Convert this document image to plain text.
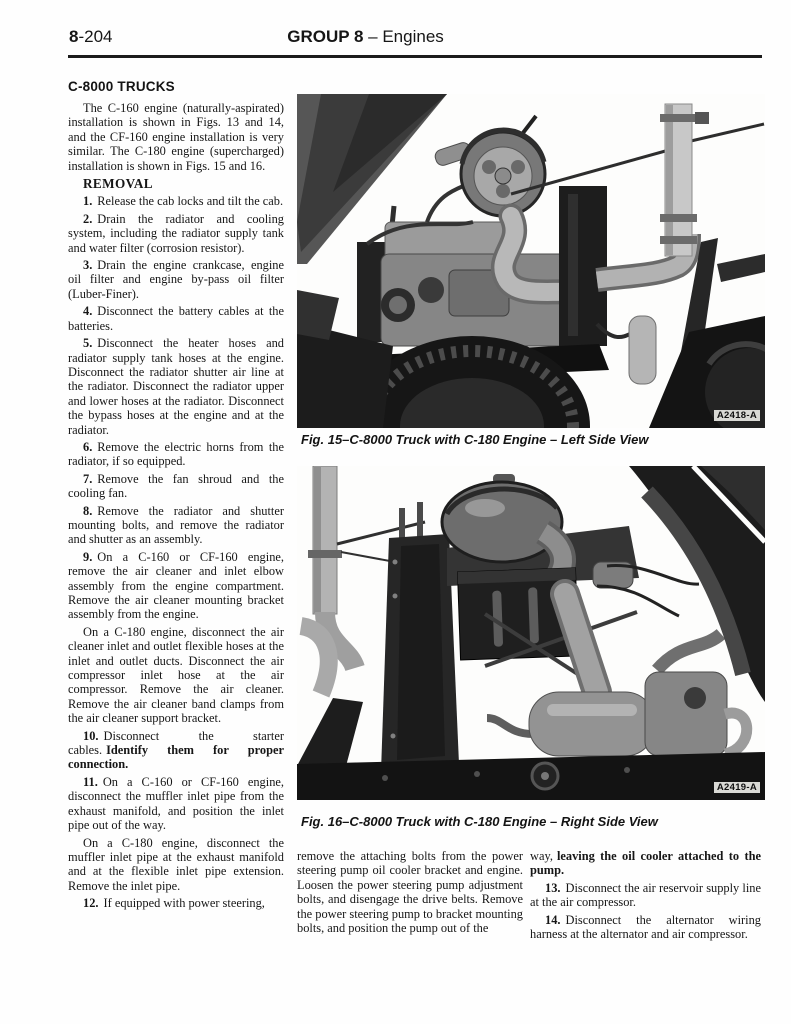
8-204	GROUP 8 – Engines
C-8000 TRUCKS

The C-160 engine (naturally-aspirated) installation is shown in Figs. 13 and 14, and the CF-160 engine installation is very similar. The C-180 engine (supercharged) installation is shown in Figs. 15 and 16.

REMOVAL

1. Release the cab locks and tilt the cab.

2. Drain the radiator and cooling system, including the radiator supply tank and water filter (corrosion resistor).

3. Drain the engine crankcase, engine oil filter and engine by-pass oil filter (Luber-Finer).

4. Disconnect the battery cables at the batteries.

5. Disconnect the heater hoses and radiator supply tank hoses at the engine. Disconnect the radiator shutter air line at the radiator. Disconnect the radiator upper and lower hoses at the radiator. Disconnect the bypass hoses at the engine and at the radiator.

6. Remove the electric horns from the radiator, if so equipped.

7. Remove the fan shroud and the cooling fan.

8. Remove the radiator and shutter mounting bolts, and remove the radiator and shutter as an assembly.

9. On a C-160 or CF-160 engine, remove the air cleaner and inlet elbow assembly from the engine compartment. Remove the air cleaner mounting bracket assembly from the engine.

On a C-180 engine, disconnect the air cleaner inlet and outlet flexible hoses at the inlet and outlet ducts. Disconnect the air compressor inlet hose at the air compressor. Remove the air cleaner. Remove the air cleaner band clamps from the air cleaner support bracket.

10. Disconnect the starter cables. Identify them for proper connection.

11. On a C-160 or CF-160 engine, disconnect the muffler inlet pipe from the exhaust manifold, and position the inlet pipe out of the way.

On a C-180 engine, disconnect the muffler inlet pipe at the exhaust manifold and at the flexible inlet pipe extension. Remove the inlet pipe.

12. If equipped with power steering,

A2418-A
Fig. 15–C-8000 Truck with C-180 Engine – Left Side View
A2419-A
Fig. 16–C-8000 Truck with C-180 Engine – Right Side View

remove the attaching bolts from the power steering pump oil cooler bracket and engine. Loosen the power steering pump adjustment bolts, and disengage the drive belts. Remove the power steering pump to bracket mounting bolts, and position the pump out of the

way, leaving the oil cooler attached to the pump.

13. Disconnect the air reservoir supply line at the air compressor.

14. Disconnect the alternator wiring harness at the alternator and air compressor.
